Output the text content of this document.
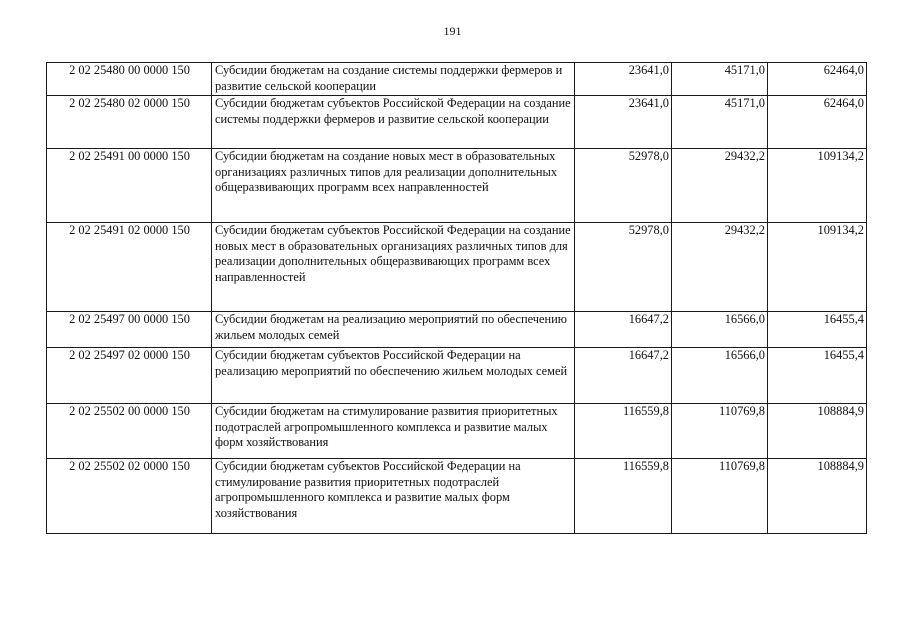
191
2 02 25480 00 0000 150	Субсидии бюджетам на создание системы поддержки фермеров и развитие сельской кооперации	23641,0	45171,0	62464,0
2 02 25480 02 0000 150	Субсидии бюджетам субъектов Российской Федерации на создание системы поддержки фермеров и развитие сельской кооперации	23641,0	45171,0	62464,0
2 02 25491 00 0000 150	Субсидии бюджетам на создание новых мест в образовательных организациях различных типов для реализации дополнительных общеразвивающих программ всех направленностей	52978,0	29432,2	109134,2
2 02 25491 02 0000 150	Субсидии бюджетам субъектов Российской Федерации на создание новых мест в образовательных организациях различных типов для реализации дополнительных общеразвивающих программ всех направленностей	52978,0	29432,2	109134,2
2 02 25497 00 0000 150	Субсидии бюджетам на реализацию мероприятий по обеспечению жильем молодых семей	16647,2	16566,0	16455,4
2 02 25497 02 0000 150	Субсидии бюджетам субъектов Российской Федерации на реализацию мероприятий по обеспечению жильем молодых семей	16647,2	16566,0	16455,4
2 02 25502 00 0000 150	Субсидии бюджетам на стимулирование развития приоритетных подотраслей агропромышленного комплекса и развитие малых форм хозяйствования	116559,8	110769,8	108884,9
2 02 25502 02 0000 150	Субсидии бюджетам субъектов Российской Федерации на стимулирование развития приоритетных подотраслей агропромышленного комплекса и развитие малых форм хозяйствования	116559,8	110769,8	108884,9
